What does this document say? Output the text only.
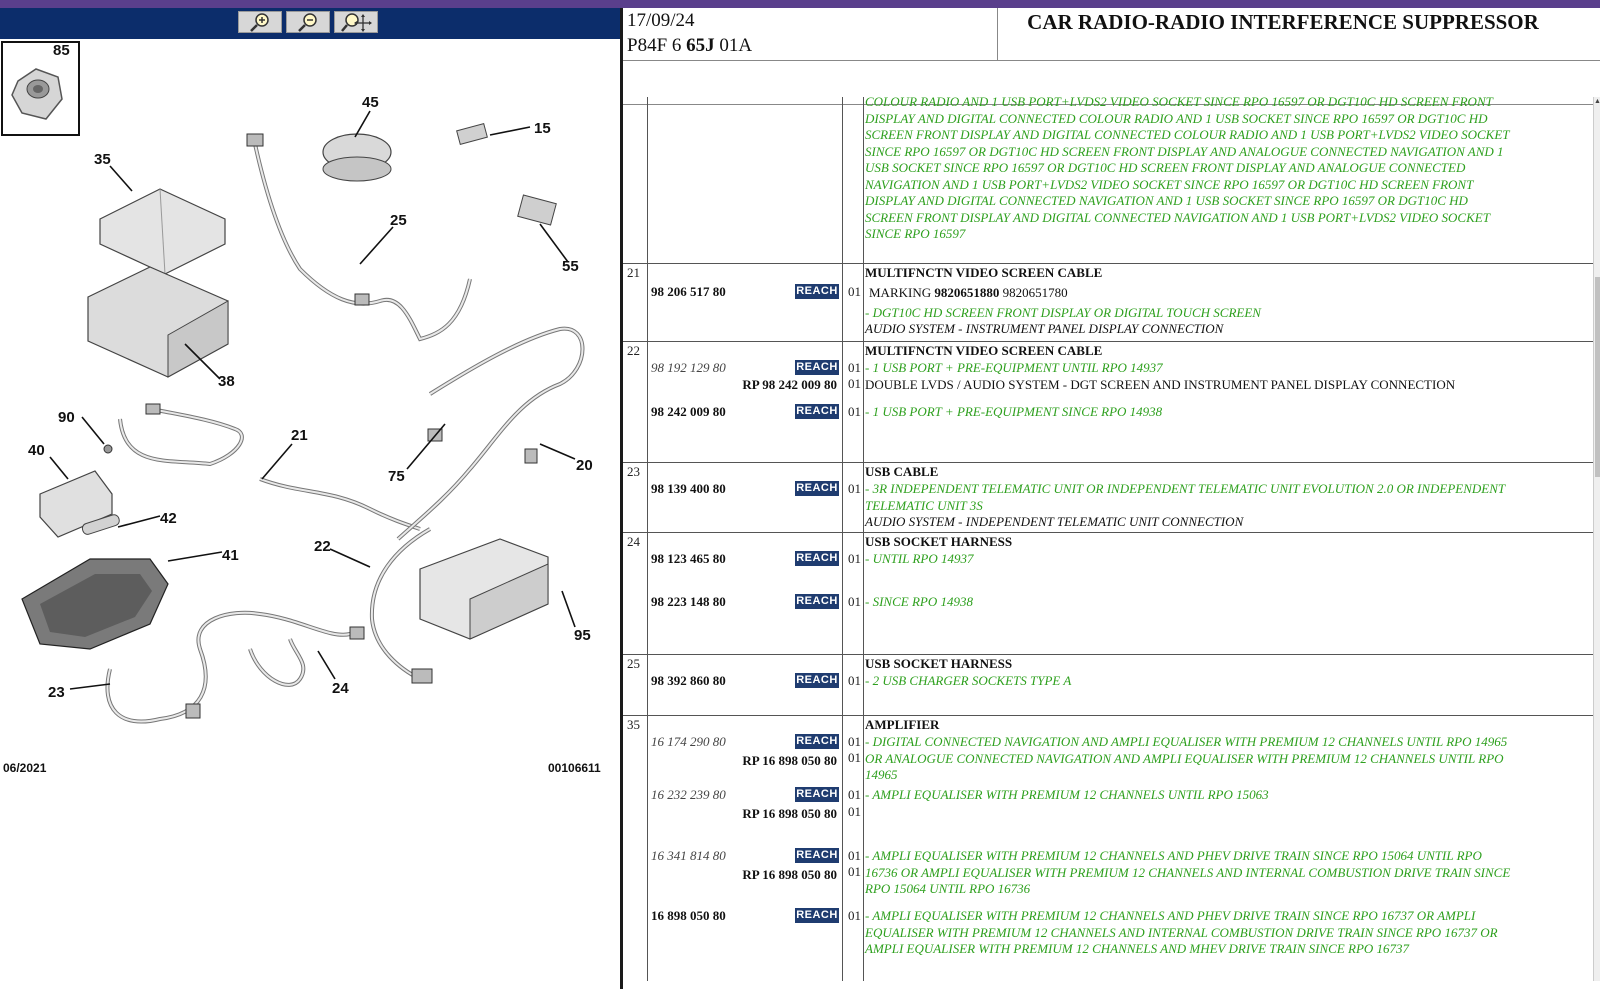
85
45
15
35
25
55
38
90
21
40
75
20
42
41
22
95
23	24
06/2021	00106611
17/09/24
P84F 6 65J 01A
CAR RADIO-RADIO INTERFERENCE SUPPRESSOR
COLOUR RADIO AND 1 USB PORT+LVDS2 VIDEO SOCKET SINCE RPO 16597 OR DGT10C HD SCREEN FRONT DISPLAY AND DIGITAL CONNECTED COLOUR RADIO AND 1 USB SOCKET SINCE RPO 16597 OR DGT10C HD SCREEN FRONT DISPLAY AND DIGITAL CONNECTED COLOUR RADIO AND 1 USB PORT+LVDS2 VIDEO SOCKET SINCE RPO 16597 OR DGT10C HD SCREEN FRONT DISPLAY AND ANALOGUE CONNECTED NAVIGATION AND 1 USB SOCKET SINCE RPO 16597 OR DGT10C HD SCREEN FRONT DISPLAY AND ANALOGUE CONNECTED NAVIGATION AND 1 USB PORT+LVDS2 VIDEO SOCKET SINCE RPO 16597 OR DGT10C HD SCREEN FRONT DISPLAY AND DIGITAL CONNECTED NAVIGATION AND 1 USB SOCKET SINCE RPO 16597 OR DGT10C HD SCREEN FRONT DISPLAY AND DIGITAL CONNECTED NAVIGATION AND 1 USB PORT+LVDS2 VIDEO SOCKET SINCE RPO 16597
21	MULTIFNCTN VIDEO SCREEN CABLE
98 206 517 80	REACH 01 MARKING 9820651880 9820651780
- DGT10C HD SCREEN FRONT DISPLAY OR DIGITAL TOUCH SCREEN
AUDIO SYSTEM - INSTRUMENT PANEL DISPLAY CONNECTION
22	MULTIFNCTN VIDEO SCREEN CABLE
98 192 129 80	REACH 01 - 1 USB PORT + PRE-EQUIPMENT UNTIL RPO 14937
RP 98 242 009 80 01 DOUBLE LVDS / AUDIO SYSTEM - DGT SCREEN AND INSTRUMENT PANEL DISPLAY CONNECTION
98 242 009 80	REACH 01 - 1 USB PORT + PRE-EQUIPMENT SINCE RPO 14938
23	USB CABLE
98 139 400 80	REACH 01 - 3R INDEPENDENT TELEMATIC UNIT OR INDEPENDENT TELEMATIC UNIT EVOLUTION 2.0 OR INDEPENDENT TELEMATIC UNIT 3S
AUDIO SYSTEM - INDEPENDENT TELEMATIC UNIT CONNECTION
24	USB SOCKET HARNESS
98 123 465 80	REACH 01 - UNTIL RPO 14937
98 223 148 80	REACH 01 - SINCE RPO 14938
25	USB SOCKET HARNESS
98 392 860 80	REACH 01 - 2 USB CHARGER SOCKETS TYPE A
35	AMPLIFIER
16 174 290 80	REACH 01 - DIGITAL CONNECTED NAVIGATION AND AMPLI EQUALISER WITH PREMIUM 12 CHANNELS UNTIL RPO 14965 OR ANALOGUE CONNECTED NAVIGATION AND AMPLI EQUALISER WITH PREMIUM 12 CHANNELS UNTIL RPO 14965
RP 16 898 050 80 01
16 232 239 80	REACH 01 - AMPLI EQUALISER WITH PREMIUM 12 CHANNELS UNTIL RPO 15063
RP 16 898 050 80 01
16 341 814 80	REACH 01 - AMPLI EQUALISER WITH PREMIUM 12 CHANNELS AND PHEV DRIVE TRAIN SINCE RPO 15064 UNTIL RPO 16736 OR AMPLI EQUALISER WITH PREMIUM 12 CHANNELS AND INTERNAL COMBUSTION DRIVE TRAIN SINCE RPO 15064 UNTIL RPO 16736
RP 16 898 050 80 01
16 898 050 80	REACH 01 - AMPLI EQUALISER WITH PREMIUM 12 CHANNELS AND PHEV DRIVE TRAIN SINCE RPO 16737 OR AMPLI EQUALISER WITH PREMIUM 12 CHANNELS AND INTERNAL COMBUSTION DRIVE TRAIN SINCE RPO 16737 OR AMPLI EQUALISER WITH PREMIUM 12 CHANNELS AND MHEV DRIVE TRAIN SINCE RPO 16737
▲
